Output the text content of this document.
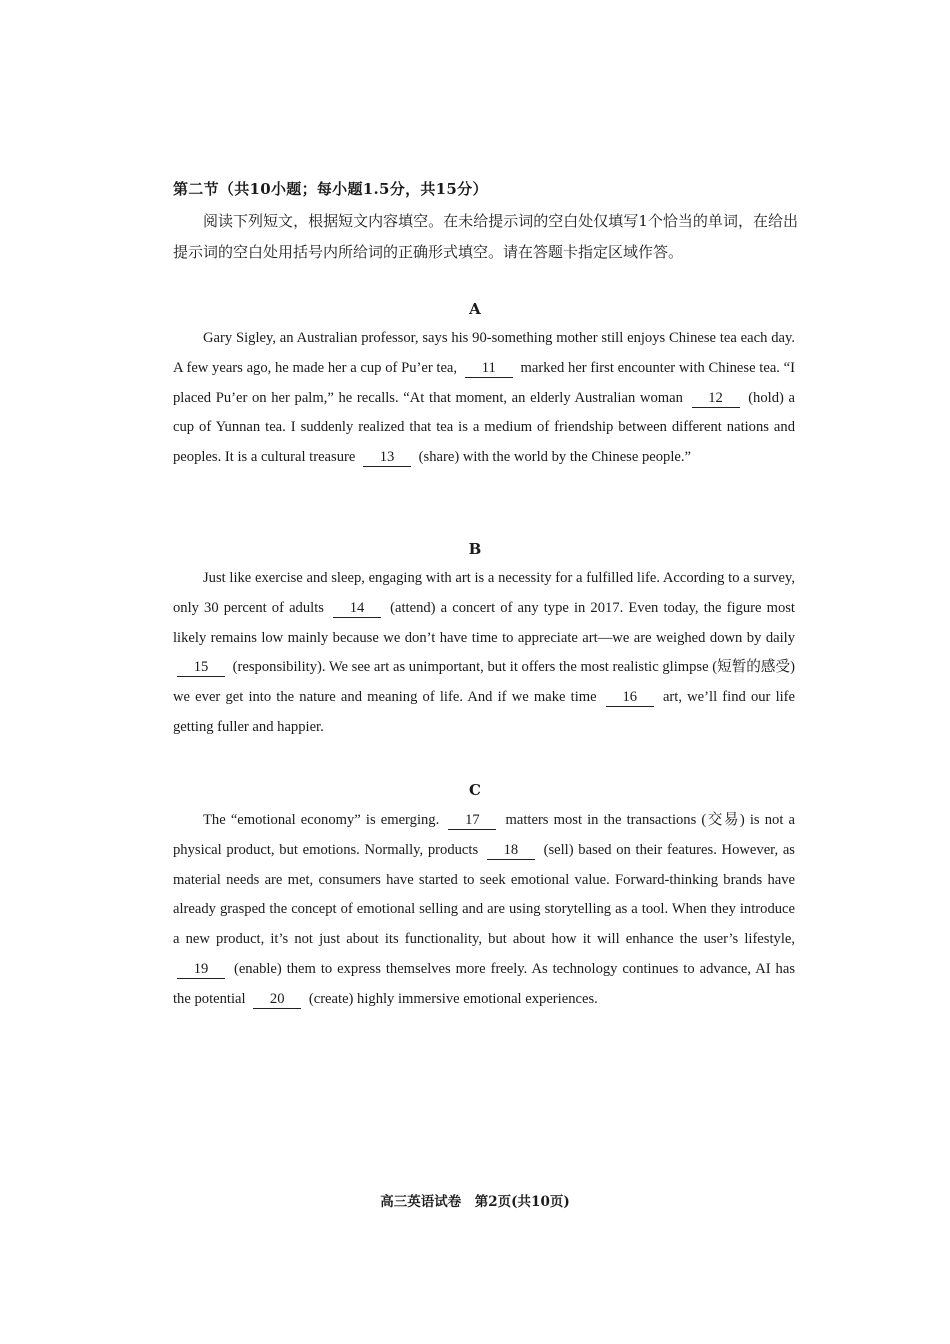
第二节（共10小题；每小题1.5分，共15分）
阅读下列短文，根据短文内容填空。在未给提示词的空白处仅填写1个恰当的单词，在给出提示词的空白处用括号内所给词的正确形式填空。请在答题卡指定区域作答。
A
Gary Sigley, an Australian professor, says his 90-something mother still enjoys Chinese tea each day. A few years ago, he made her a cup of Pu’er tea, 11 marked her first encounter with Chinese tea. “I placed Pu’er on her palm,” he recalls. “At that moment, an elderly Australian woman 12 (hold) a cup of Yunnan tea. I suddenly realized that tea is a medium of friendship between different nations and peoples. It is a cultural treasure 13 (share) with the world by the Chinese people.”
B
Just like exercise and sleep, engaging with art is a necessity for a fulfilled life. According to a survey, only 30 percent of adults 14 (attend) a concert of any type in 2017. Even today, the figure most likely remains low mainly because we don’t have time to appreciate art—we are weighed down by daily 15 (responsibility). We see art as unimportant, but it offers the most realistic glimpse (短暂的感受) we ever get into the nature and meaning of life. And if we make time 16 art, we’ll find our life getting fuller and happier.
C
The “emotional economy” is emerging. 17 matters most in the transactions (交易) is not a physical product, but emotions. Normally, products 18 (sell) based on their features. However, as material needs are met, consumers have started to seek emotional value. Forward-thinking brands have already grasped the concept of emotional selling and are using storytelling as a tool. When they introduce a new product, it’s not just about its functionality, but about how it will enhance the user’s lifestyle, 19 (enable) them to express themselves more freely. As technology continues to advance, AI has the potential 20 (create) highly immersive emotional experiences.
高三英语试卷　第2页(共10页)
